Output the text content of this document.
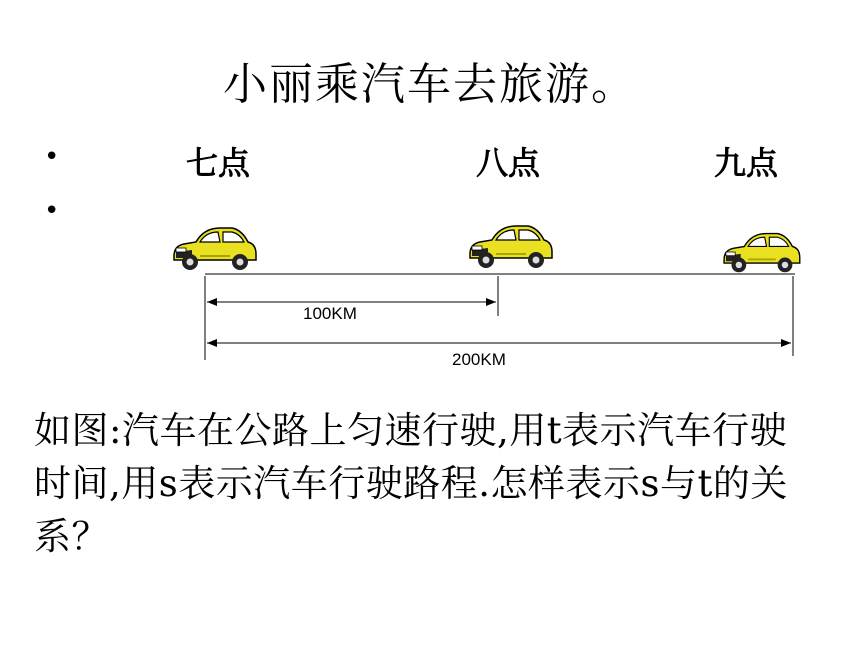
小丽乘汽车去旅游。
•
•
七点	八点	九点
100KM
200KM
如图:汽车在公路上匀速行驶,用t表示汽车行驶时间,用s表示汽车行驶路程.怎样表示s与t的关系？
